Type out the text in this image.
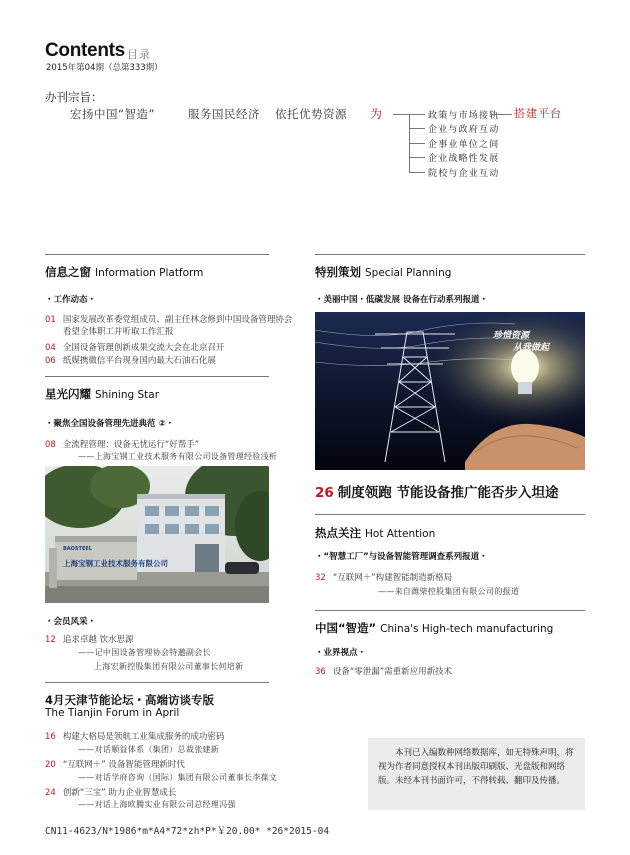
Contents 目录
2015年第04期（总第333期）
办刊宗旨：
宏扬中国“智造”	服务国民经济 依托优势资源 为	政策与市场接轨
企业与政府互动
企事业单位之间
企业战略性发展
院校与企业互动
搭建平台
信息之窗 Information Platform
・工作动态・
01 国家发展改革委党组成员、副主任林念修到中国设备管理协会
看望全体职工并听取工作汇报
04 全国设备管理创新成果交流大会在北京召开
06 纸媒携微信平台现身国内最大石油石化展
星光闪耀 Shining Star
・聚焦全国设备管理先进典范 ②・
08 全流程管理：设备无忧运行“好帮手”
——上海宝钢工业技术服务有限公司设备管理经验浅析
BAOSTEEL
上海宝钢工业技术服务有限公司
・会员风采・
12 追求卓越 饮水思源
——记中国设备管理协会特邀副会长
上海宏新控股集团有限公司董事长何培新
4月天津节能论坛・高端访谈专版
The Tianjin Forum in April
16 构建大格局是领航工业集成服务的成功密码
——对话顺益体系（集团）总裁张建新
20 “互联网＋” 设备智能管理新时代
——对话学府咨询（国际）集团有限公司董事长李葆文
24 创新“三宝” 助力企业智慧成长
——对话上海欧腾实业有限公司总经理冯强
特别策划 Special Planning
・美丽中国・低碳发展 设备在行动系列报道・
珍惜资源
从我做起
26 制度领跑 节能设备推广能否步入坦途
热点关注 Hot Attention
・“智慧工厂”与设备智能管理调查系列报道・
32 “互联网＋”构建智能制造新格局
——来自潍柴控股集团有限公司的报道
中国“智造” China's High-tech manufacturing
・业界视点・
36 设备“零泄漏”需重新应用新技术
本刊已入编数种网络数据库，如无特殊声明，将视为作者同意授权本刊出版印刷版、光盘版和网络版。未经本刊书面许可，不得转载、翻印及传播。
CN11-4623/N*1986*m*A4*72*zh*P*￥20.00* *26*2015-04
